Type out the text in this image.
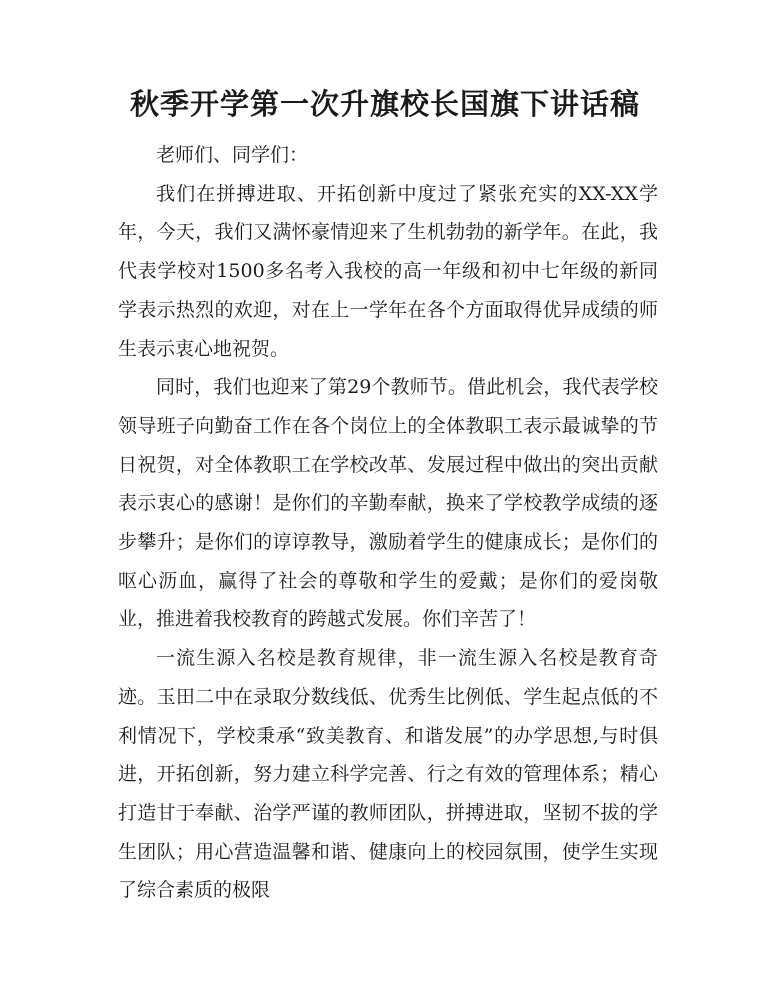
秋季开学第一次升旗校长国旗下讲话稿

老师们、同学们：

我们在拼搏进取、开拓创新中度过了紧张充实的XX-XX学年，今天，我们又满怀豪情迎来了生机勃勃的新学年。在此，我代表学校对1500多名考入我校的高一年级和初中七年级的新同学表示热烈的欢迎，对在上一学年在各个方面取得优异成绩的师生表示衷心地祝贺。

同时，我们也迎来了第29个教师节。借此机会，我代表学校领导班子向勤奋工作在各个岗位上的全体教职工表示最诚挚的节日祝贺，对全体教职工在学校改革、发展过程中做出的突出贡献表示衷心的感谢！是你们的辛勤奉献，换来了学校教学成绩的逐步攀升；是你们的谆谆教导，激励着学生的健康成长；是你们的呕心沥血，赢得了社会的尊敬和学生的爱戴；是你们的爱岗敬业，推进着我校教育的跨越式发展。你们辛苦了！

一流生源入名校是教育规律，非一流生源入名校是教育奇迹。玉田二中在录取分数线低、优秀生比例低、学生起点低的不利情况下，学校秉承“致美教育、和谐发展”的办学思想,与时俱进，开拓创新，努力建立科学完善、行之有效的管理体系；精心打造甘于奉献、治学严谨的教师团队，拼搏进取，坚韧不拔的学生团队；用心营造温馨和谐、健康向上的校园氛围，使学生实现了综合素质的极限
